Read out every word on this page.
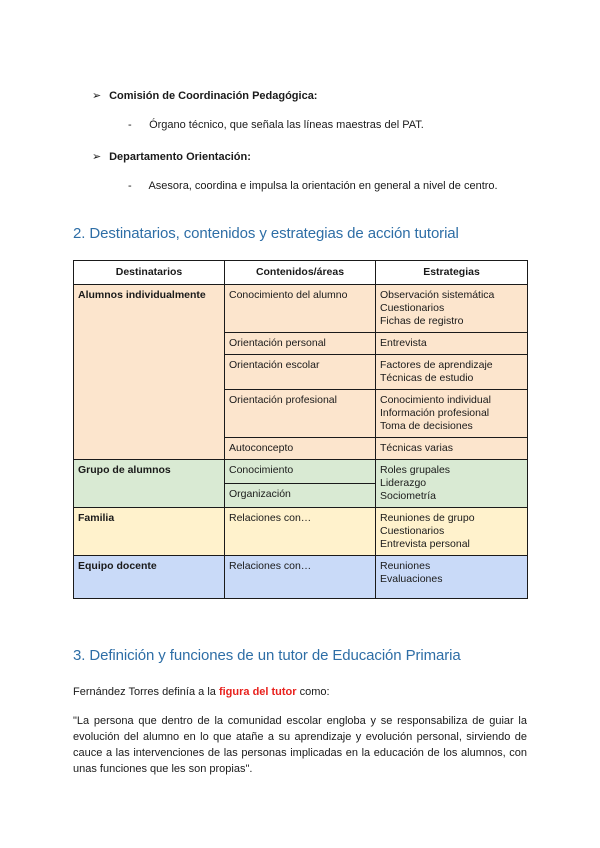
➢ Comisión de Coordinación Pedagógica:
- Órgano técnico, que señala las líneas maestras del PAT.
➢ Departamento Orientación:
- Asesora, coordina e impulsa la orientación en general a nivel de centro.
2. Destinatarios, contenidos y estrategias de acción tutorial
Destinatarios	Contenidos/áreas	Estrategias
Alumnos individualmente	Conocimiento del alumno	Observación sistemática
Cuestionarios
Fichas de registro

	Orientación personal	Entrevista

	Orientación escolar	Factores de aprendizaje
Técnicas de estudio

	Orientación profesional	Conocimiento individual
Información profesional
Toma de decisiones

	Autoconcepto	Técnicas varias

Grupo de alumnos	Conocimiento	Roles grupales
Liderazgo
Sociometría

	Organización	
Familia	Relaciones con…	Reuniones de grupo
Cuestionarios
Entrevista personal

Equipo docente	Relaciones con…	Reuniones
Evaluaciones
3. Definición y funciones de un tutor de Educación Primaria
Fernández Torres definía a la figura del tutor como:
"La persona que dentro de la comunidad escolar engloba y se responsabiliza de guiar la evolución del alumno en lo que atañe a su aprendizaje y evolución personal, sirviendo de cauce a las intervenciones de las personas implicadas en la educación de los alumnos, con unas funciones que les son propias".
